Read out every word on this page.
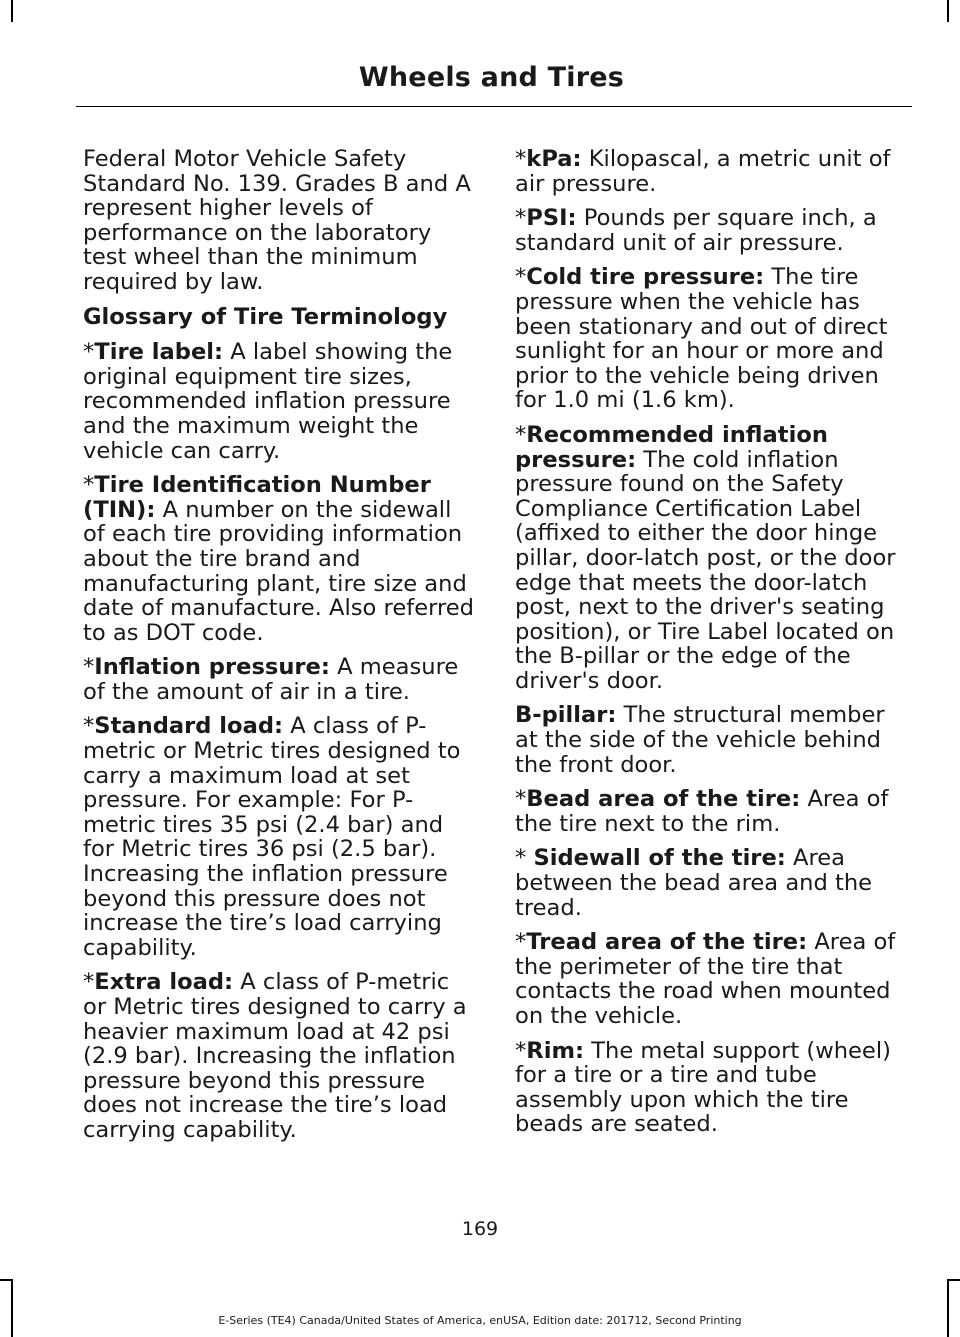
Wheels and Tires

Federal Motor Vehicle Safety Standard No. 139. Grades B and A represent higher levels of performance on the laboratory test wheel than the minimum required by law.

Glossary of Tire Terminology

*Tire label: A label showing the original equipment tire sizes, recommended inflation pressure and the maximum weight the vehicle can carry.

*Tire Identification Number (TIN): A number on the sidewall of each tire providing information about the tire brand and manufacturing plant, tire size and date of manufacture. Also referred to as DOT code.

*Inflation pressure: A measure of the amount of air in a tire.

*Standard load: A class of P-metric or Metric tires designed to carry a maximum load at set pressure. For example: For P-metric tires 35 psi (2.4 bar) and for Metric tires 36 psi (2.5 bar). Increasing the inflation pressure beyond this pressure does not increase the tire’s load carrying capability.

*Extra load: A class of P-metric or Metric tires designed to carry a heavier maximum load at 42 psi (2.9 bar). Increasing the inflation pressure beyond this pressure does not increase the tire’s load carrying capability.

*kPa: Kilopascal, a metric unit of air pressure.

*PSI: Pounds per square inch, a standard unit of air pressure.

*Cold tire pressure: The tire pressure when the vehicle has been stationary and out of direct sunlight for an hour or more and prior to the vehicle being driven for 1.0 mi (1.6 km).

*Recommended inflation pressure: The cold inflation pressure found on the Safety Compliance Certification Label (affixed to either the door hinge pillar, door-latch post, or the door edge that meets the door-latch post, next to the driver's seating position), or Tire Label located on the B-pillar or the edge of the driver's door.

B-pillar: The structural member at the side of the vehicle behind the front door.

*Bead area of the tire: Area of the tire next to the rim.

* Sidewall of the tire: Area between the bead area and the tread.

*Tread area of the tire: Area of the perimeter of the tire that contacts the road when mounted on the vehicle.

*Rim: The metal support (wheel) for a tire or a tire and tube assembly upon which the tire beads are seated.

169
E-Series (TE4) Canada/United States of America, enUSA, Edition date: 201712, Second Printing
